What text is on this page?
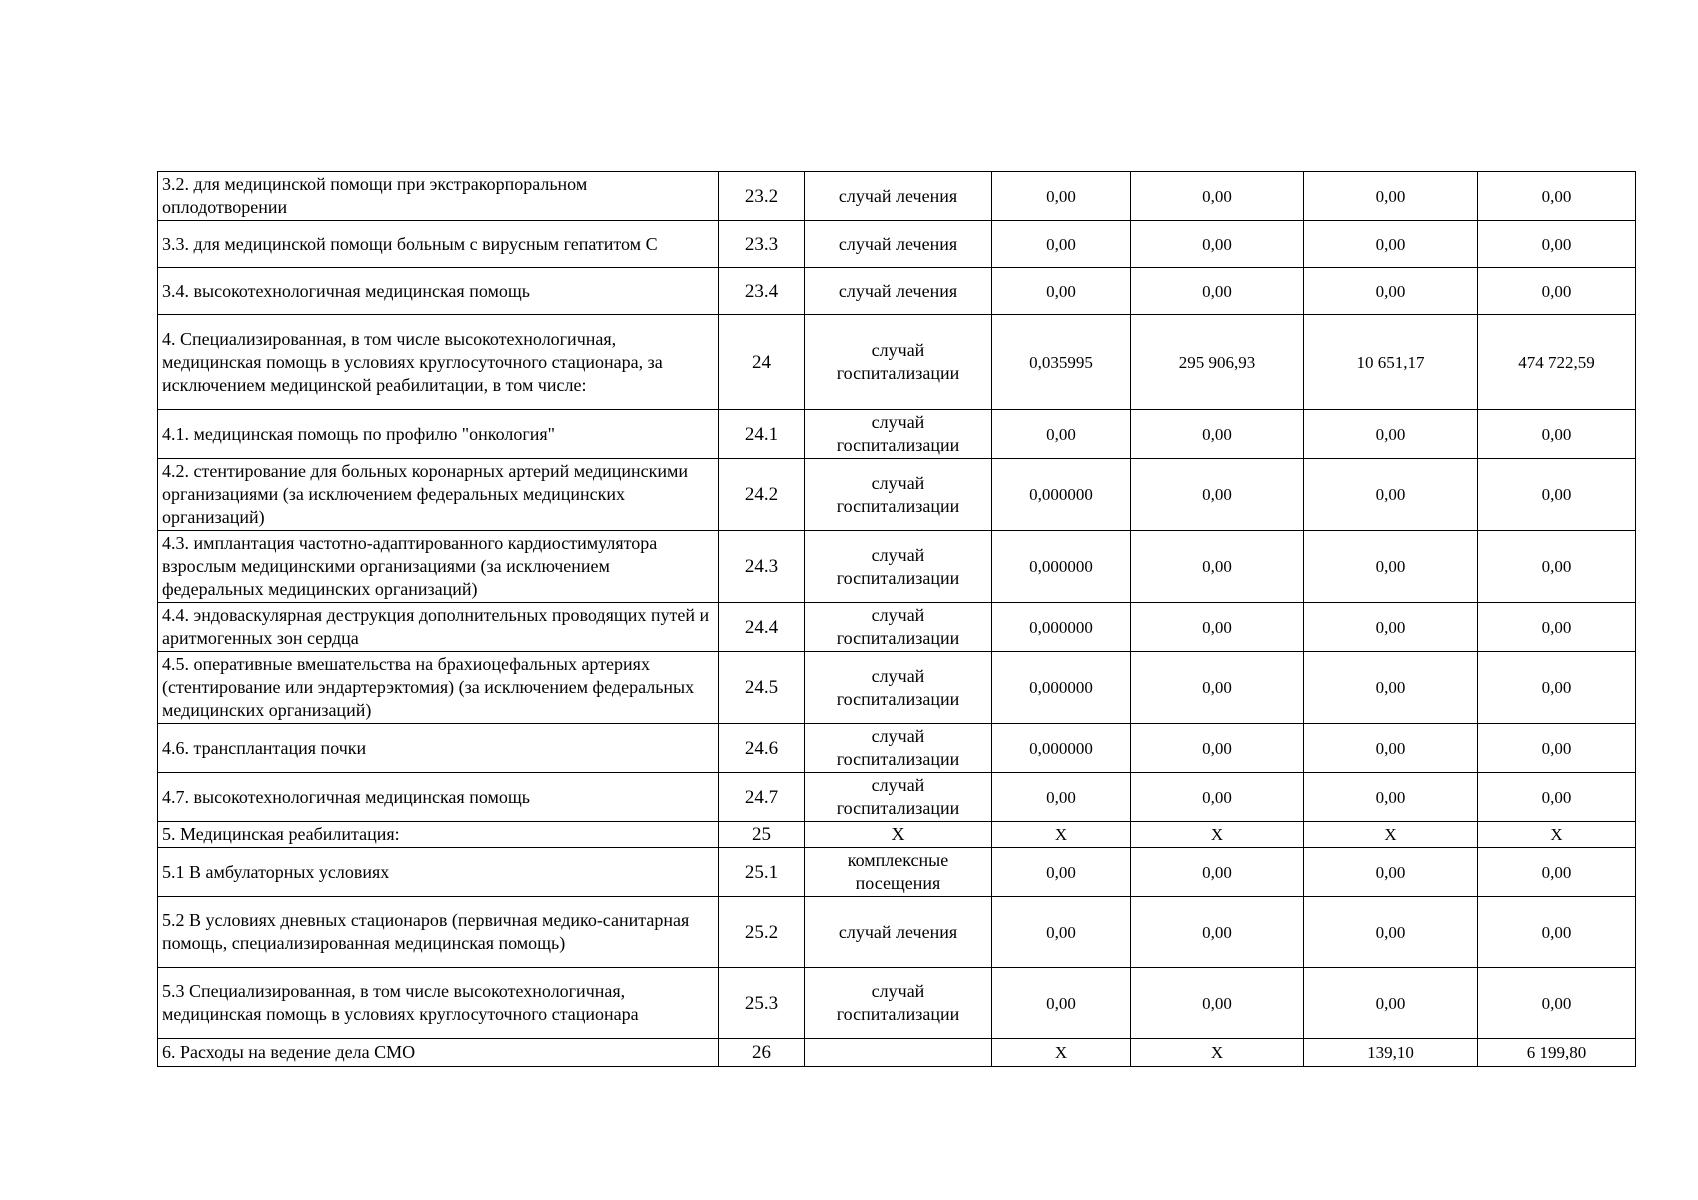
3.2. для медицинской помощи при экстракорпоральном оплодотворении	23.2	случай лечения	0,00	0,00	0,00	0,00
3.3. для медицинской помощи больным с вирусным гепатитом С	23.3	случай лечения	0,00	0,00	0,00	0,00
3.4. высокотехнологичная медицинская помощь	23.4	случай лечения	0,00	0,00	0,00	0,00
4. Специализированная, в том числе высокотехнологичная, медицинская помощь в условиях круглосуточного стационара, за исключением медицинской реабилитации, в том числе:	24	случай госпитализации	0,035995	295 906,93	10 651,17	474 722,59
4.1. медицинская помощь по профилю "онкология"	24.1	случай госпитализации	0,00	0,00	0,00	0,00
4.2. стентирование для больных коронарных артерий медицинскими организациями (за исключением федеральных медицинских организаций)	24.2	случай госпитализации	0,000000	0,00	0,00	0,00
4.3. имплантация частотно-адаптированного кардиостимулятора взрослым медицинскими организациями (за исключением федеральных медицинских организаций)	24.3	случай госпитализации	0,000000	0,00	0,00	0,00
4.4. эндоваскулярная деструкция дополнительных проводящих путей и аритмогенных зон сердца	24.4	случай госпитализации	0,000000	0,00	0,00	0,00
4.5. оперативные вмешательства на брахиоцефальных артериях (стентирование или эндартерэктомия) (за исключением федеральных медицинских организаций)	24.5	случай госпитализации	0,000000	0,00	0,00	0,00
4.6. трансплантация почки	24.6	случай госпитализации	0,000000	0,00	0,00	0,00
4.7. высокотехнологичная медицинская помощь	24.7	случай госпитализации	0,00	0,00	0,00	0,00
5. Медицинская реабилитация:	25	X	X	X	X	X
5.1 В амбулаторных условиях	25.1	комплексные посещения	0,00	0,00	0,00	0,00
5.2 В условиях дневных стационаров (первичная медико-санитарная помощь, специализированная медицинская помощь)	25.2	случай лечения	0,00	0,00	0,00	0,00
5.3 Специализированная, в том числе высокотехнологичная, медицинская помощь в условиях круглосуточного стационара	25.3	случай госпитализации	0,00	0,00	0,00	0,00
6. Расходы на ведение дела СМО	26		X	X	139,10	6 199,80
